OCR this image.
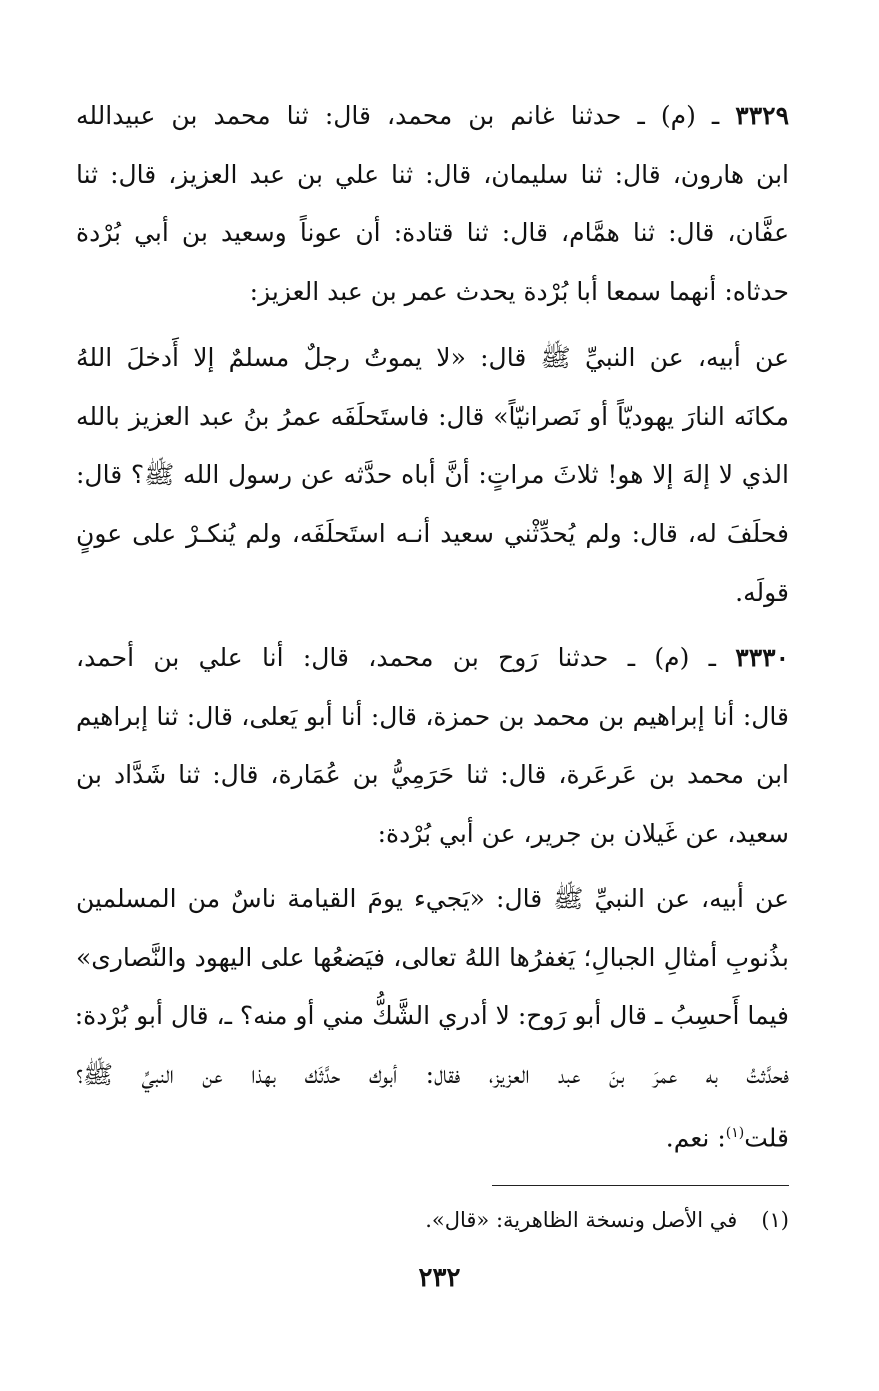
٣٣٢٩ ـ (م) ـ حدثنا غانم بن محمد، قال: ثنا محمد بن عبيدالله
ابن هارون، قال: ثنا سليمان، قال: ثنا علي بن عبد العزيز، قال: ثنا
عفَّان، قال: ثنا همَّام، قال: ثنا قتادة: أن عوناً وسعيد بن أبي بُرْدة
حدثاه: أنهما سمعا أبا بُرْدة يحدث عمر بن عبد العزيز:
عن أبيه، عن النبيِّ ﷺ قال: «لا يموتُ رجلٌ مسلمٌ إلا أَدخلَ اللهُ
مكانَه النارَ يهوديّاً أو نَصرانيّاً» قال: فاستَحلَفَه عمرُ بنُ عبد العزيز بالله
الذي لا إلهَ إلا هو! ثلاثَ مراتٍ: أنَّ أباه حدَّثه عن رسول الله ﷺ؟ قال:
فحلَفَ له، قال: ولم يُحدِّثْني سعيد أنـه استَحلَفَه، ولم يُنكـرْ على عونٍ
قولَه.
٣٣٣٠ ـ (م) ـ حدثنا رَوح بن محمد، قال: أنا علي بن أحمد،
قال: أنا إبراهيم بن محمد بن حمزة، قال: أنا أبو يَعلى، قال: ثنا إبراهيم
ابن محمد بن عَرعَرة، قال: ثنا حَرَمِيُّ بن عُمَارة، قال: ثنا شَدَّاد بن
سعيد، عن غَيلان بن جرير، عن أبي بُرْدة:
عن أبيه، عن النبيِّ ﷺ قال: «يَجيء يومَ القيامة ناسٌ من المسلمين
بذُنوبِ أمثالِ الجبالِ؛ يَغفرُها اللهُ تعالى، فيَضعُها على اليهود والنَّصارى»
فيما أَحسِبُ ـ قال أبو رَوح: لا أدري الشَّكُّ مني أو منه؟ ـ، قال أبو بُرْدة:
فحدَّثتُ به عمرَ بنَ عبد العزيز، فقال: أبوك حدَّثَك بهذا عن النبيِّ ﷺ؟
قلت$^{(١)}$: نعم.
(١)في الأصل ونسخة الظاهرية: «قال».
٢٣٢
